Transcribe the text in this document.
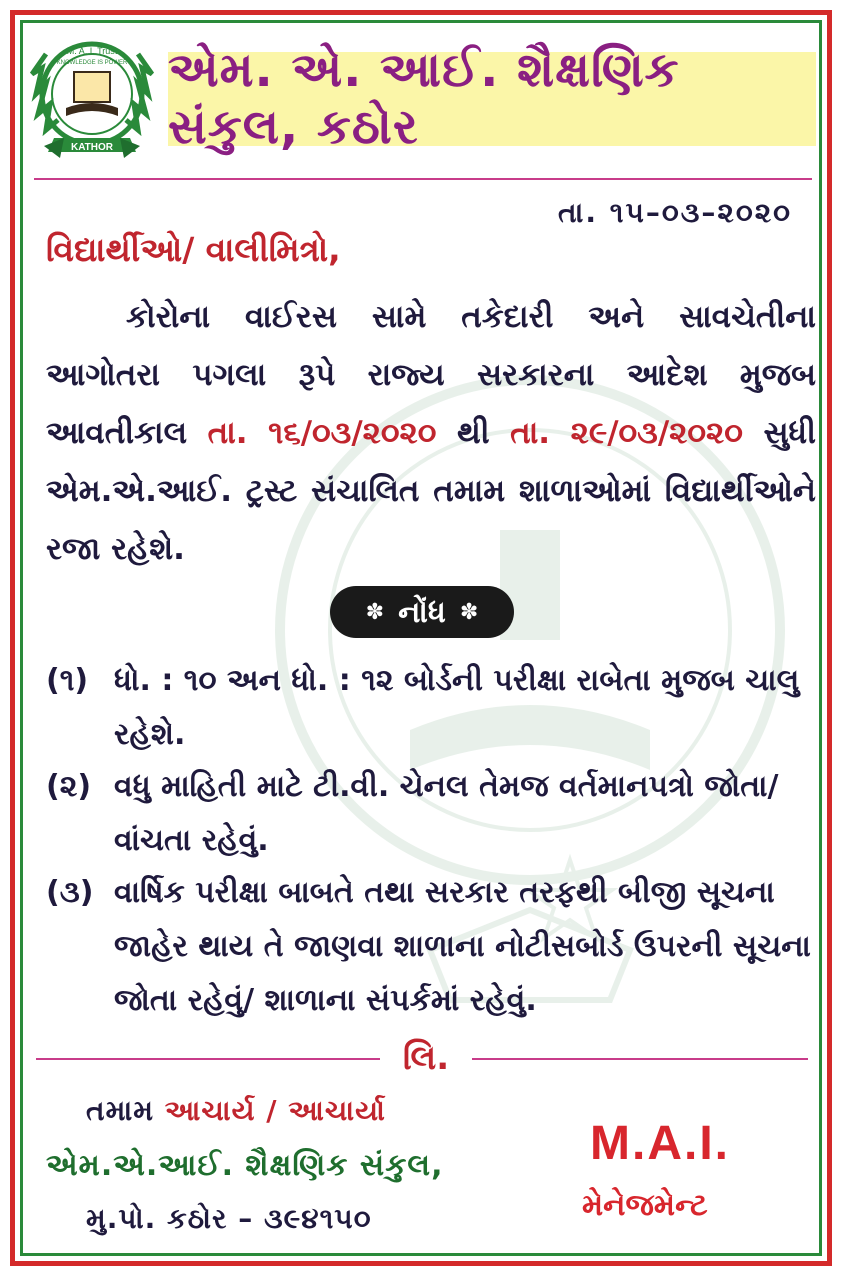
KATHOR
M. A. I. Trust
KNOWLEDGE IS POWER એમ. એ. આઈ. શૈક્ષણિક સંકુલ, કઠોર
તા. ૧૫–૦૩–૨૦૨૦
વિદ્યાર્થીઓ/ વાલીમિત્રો,
કોરોના વાઈરસ સામે તકેદારી અને સાવચેતીના આગોતરા પગલા રૂપે રાજ્ય સરકારના આદેશ મુજબ આવતીકાલ તા. ૧૬/૦૩/૨૦૨૦ થી તા. ૨૯/૦૩/૨૦૨૦ સુધી એમ.એ.આઈ. ટ્રસ્ટ સંચાલિત તમામ શાળાઓમાં વિદ્યાર્થીઓને રજા રહેશે.
✽ નોંધ ✽
(૧) ધો. : ૧૦ અન ધો. : ૧૨ બોર્ડની પરીક્ષા રાબેતા મુજબ ચાલુ રહેશે.
(૨) વધુ માહિતી માટે ટી.વી. ચેનલ તેમજ વર્તમાનપત્રો જોતા/ વાંચતા રહેવું.
(૩) વાર્ષિક પરીક્ષા બાબતે તથા સરકાર તરફથી બીજી સૂચના જાહેર થાય તે જાણવા શાળાના નોટીસબોર્ડ ઉપરની સૂચના જોતા રહેવું/ શાળાના સંપર્કમાં રહેવું.
લિ.
તમામ આચાર્ય / આચાર્યા
એમ.એ.આઈ. શૈક્ષણિક સંકુલ,
મુ.પો. કઠોર – ૩૯૪૧૫૦
M.A.I.
મેનેજમેન્ટ
